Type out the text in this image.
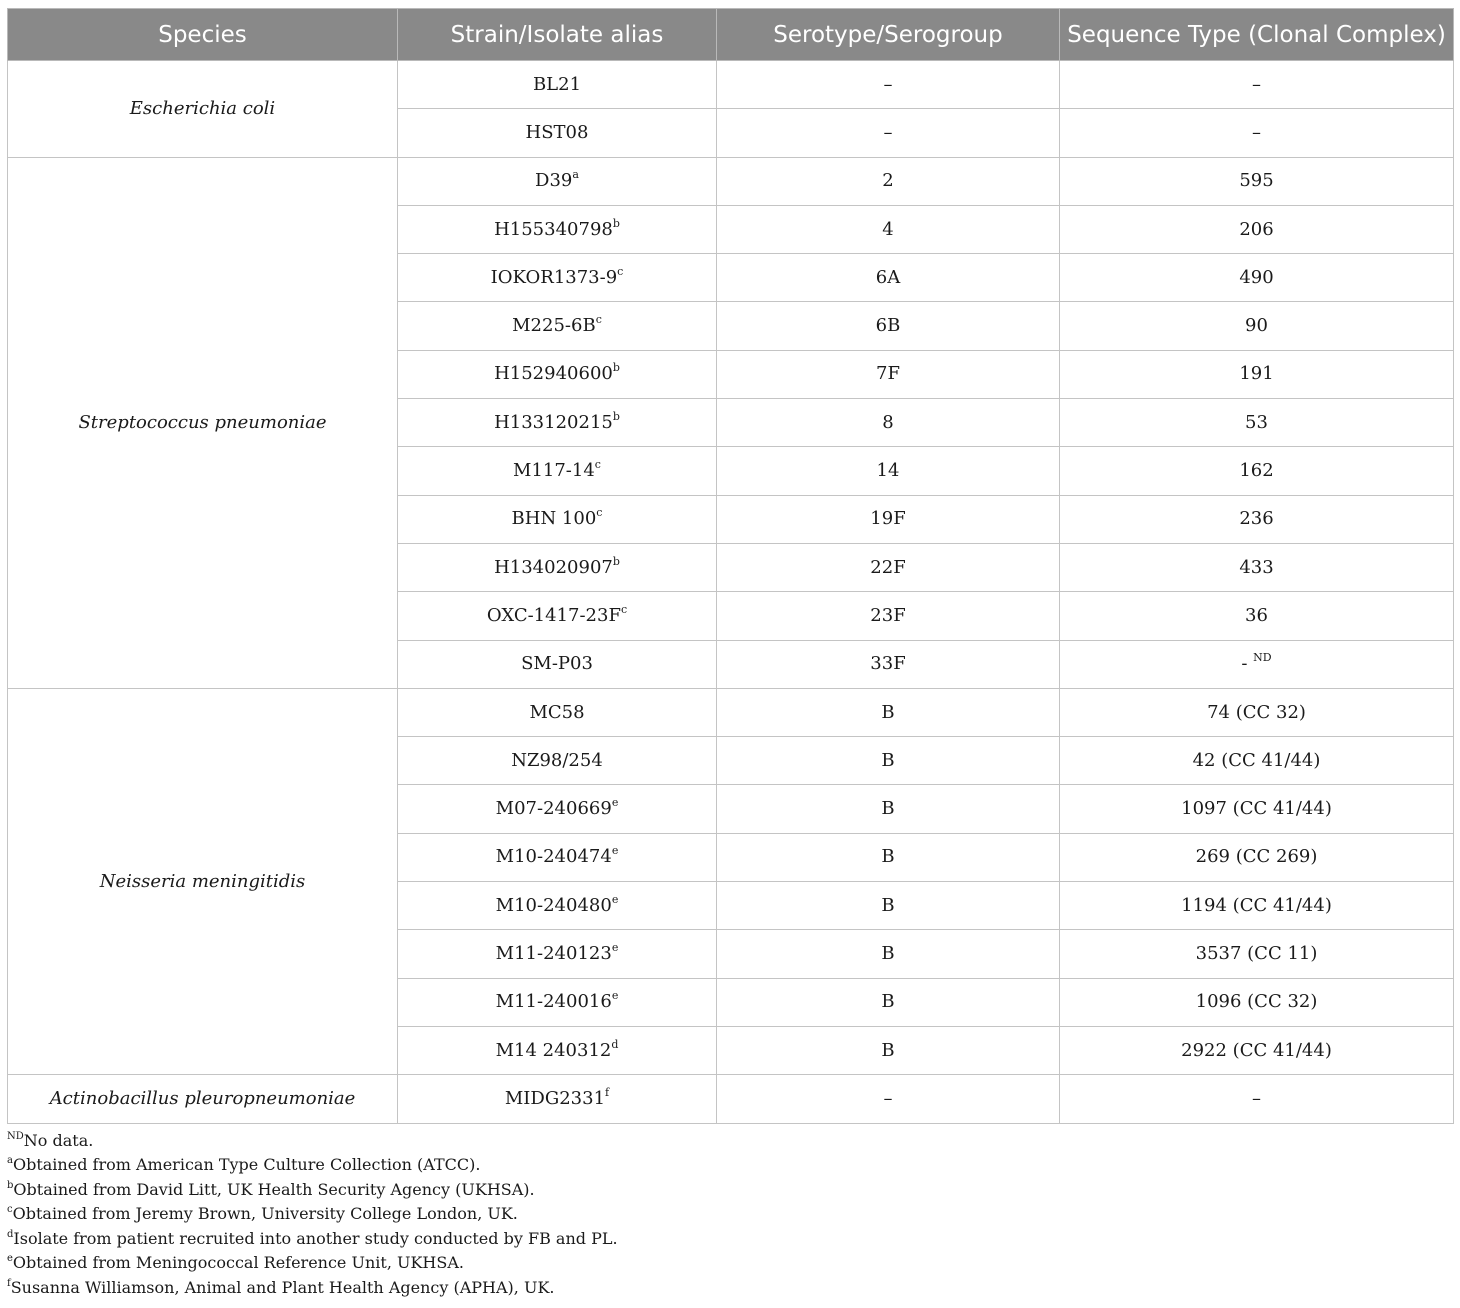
Species	Strain/Isolate alias	Serotype/Serogroup	Sequence Type (Clonal Complex)
Escherichia coli	BL21	–	–
	HST08	–	–
Streptococcus pneumoniae	D39$^a$	2	595
	H155340798$^b$	4	206
	IOKOR1373-9$^c$	6A	490
	$M225-6B^c$	6B	90
	H152940600$^b$	7F	191
	H133120215$^b$	8	53
	M117-14$^c$	14	162
	BHN 100$^c$	19F	236
	H134020907$^b$	22F	433
	OXC-$1417-23F^c$	23F	36
	SM-P03	33F	- $^{ND}$
Neisseria meningitidis	MC58	B	74 (CC 32)
	NZ98/254	B	42 (CC 41/44)
	M07-240669e	B	1097 (CC 41/44)
	M10-240474e	B	269 (CC 269)
	M10-240480e	B	1194 (CC 41/44)
	M11-240123e	B	3537 (CC 11)
	M11-240016e	B	1096 (CC 32)
	M14 240312$^d$	B	2922 (CC 41/44)
Actinobacillus pleuropneumoniae	MIDG2331$^f$	–	–
$^{ND}$No data.
$^a$Obtained from American Type Culture Collection (ATCC).
$^b$Obtained from David Litt, UK Health Security Agency (UKHSA).
$^c$Obtained from Jeremy Brown, University College London, UK.
$^d$Isolate from patient recruited into another study conducted by FB and PL.
$^e$Obtained from Meningococcal Reference Unit, UKHSA.
$^f$Susanna Williamson, Animal and Plant Health Agency (APHA), UK.
